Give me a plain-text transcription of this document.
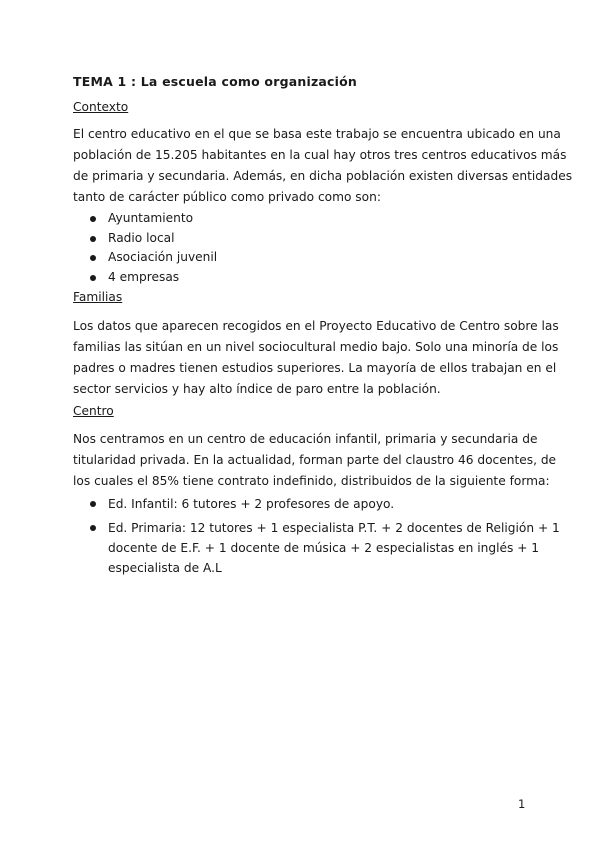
TEMA 1 : La escuela como organización
Contexto

El centro educativo en el que se basa este trabajo se encuentra ubicado en una
población de 15.205 habitantes en la cual hay otros tres centros educativos más
de primaria y secundaria. Además, en dicha población existen diversas entidades
tanto de carácter público como privado como son:

Ayuntamiento
Radio local
Asociación juvenil
4 empresas
Familias

Los datos que aparecen recogidos en el Proyecto Educativo de Centro sobre las
familias las sitúan en un nivel sociocultural medio bajo. Solo una minoría de los
padres o madres tienen estudios superiores. La mayoría de ellos trabajan en el
sector servicios y hay alto índice de paro entre la población.

Centro

Nos centramos en un centro de educación infantil, primaria y secundaria de
titularidad privada. En la actualidad, forman parte del claustro 46 docentes, de
los cuales el 85% tiene contrato indefinido, distribuidos de la siguiente forma:

Ed. Infantil: 6 tutores + 2 profesores de apoyo.
Ed. Primaria: 12 tutores + 1 especialista P.T. + 2 docentes de Religión + 1
docente de E.F. + 1 docente de música + 2 especialistas en inglés + 1
especialista de A.L
1
